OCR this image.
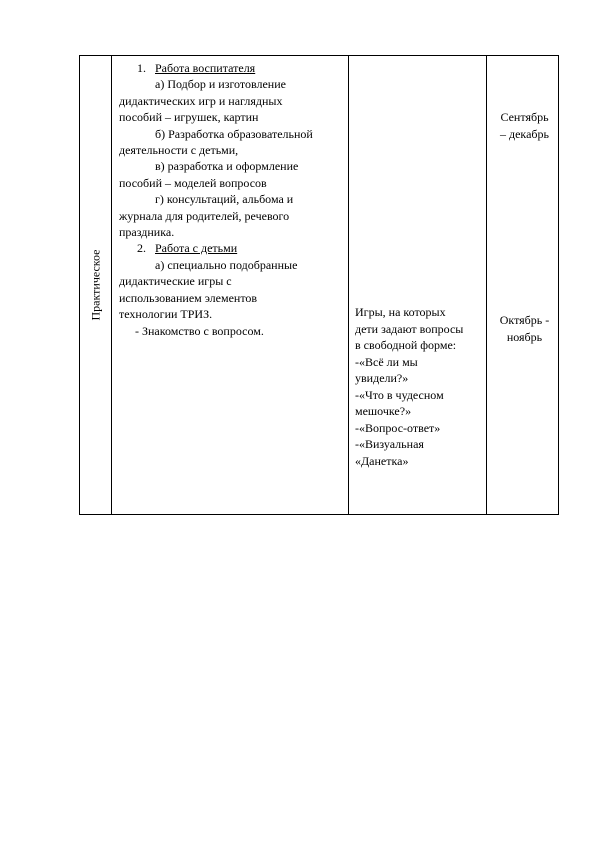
Практическое
1. Работа воспитателя
а) Подбор и изготовление
дидактических игр и наглядных
пособий – игрушек, картин
б) Разработка образовательной
деятельности с детьми,
в) разработка и оформление
пособий – моделей вопросов
г) консультаций, альбома и
журнала для родителей, речевого
праздника.
2. Работа с детьми
а) специально подобранные
дидактические игры с
использованием элементов
технологии ТРИЗ.
- Знакомство с вопросом.
Игры, на которых
дети задают вопросы
в свободной форме:
-«Всё ли мы
увидели?»
-«Что в чудесном
мешочке?»
-«Вопрос-ответ»
-«Визуальная
«Данетка»
Сентябрь
– декабрь
Октябрь -
ноябрь
